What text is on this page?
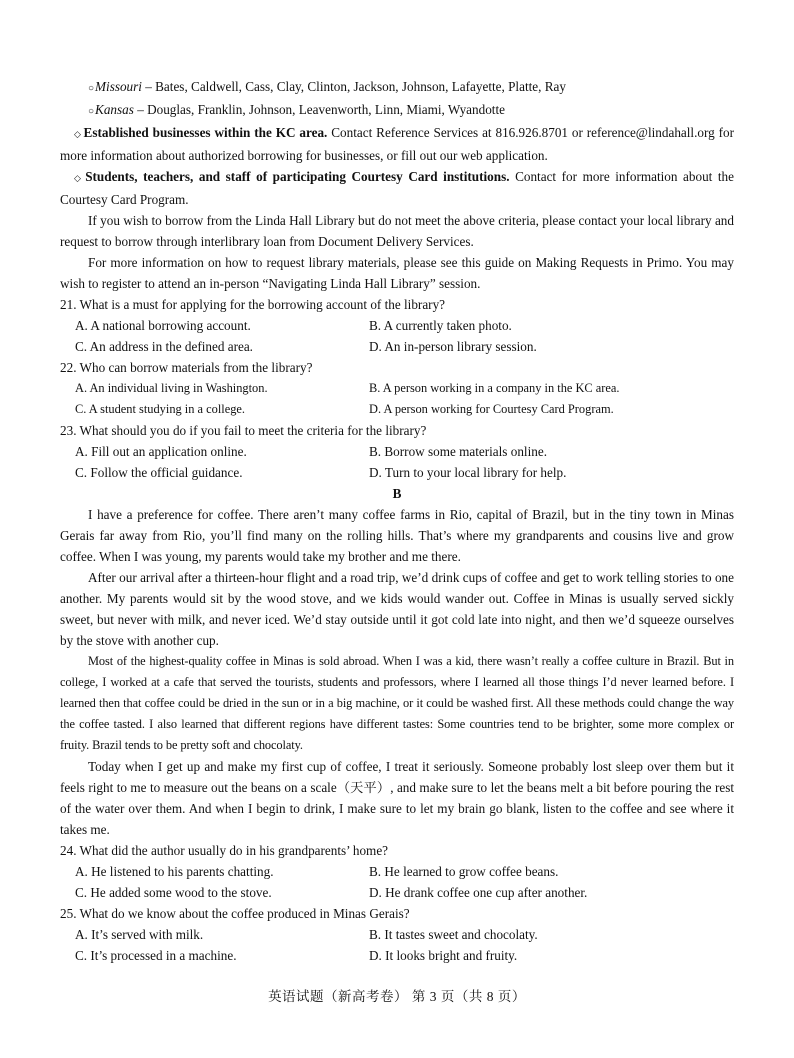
○Missouri – Bates, Caldwell, Cass, Clay, Clinton, Jackson, Johnson, Lafayette, Platte, Ray

○Kansas – Douglas, Franklin, Johnson, Leavenworth, Linn, Miami, Wyandotte

◇ Established businesses within the KC area. Contact Reference Services at 816.926.8701 or reference@lindahall.org for more information about authorized borrowing for businesses, or fill out our web application.

◇ Students, teachers, and staff of participating Courtesy Card institutions. Contact for more information about the Courtesy Card Program.

If you wish to borrow from the Linda Hall Library but do not meet the above criteria, please contact your local library and request to borrow through interlibrary loan from Document Delivery Services.

For more information on how to request library materials, please see this guide on Making Requests in Primo. You may wish to register to attend an in-person “Navigating Linda Hall Library” session.

21. What is a must for applying for the borrowing account of the library?

A. A national borrowing account.	B. A currently taken photo.
C. An address in the defined area.	D. An in-person library session.

22. Who can borrow materials from the library?

A. An individual living in Washington.	B. A person working in a company in the KC area.
C. A student studying in a college.	D. A person working for Courtesy Card Program.

23. What should you do if you fail to meet the criteria for the library?

A. Fill out an application online.	B. Borrow some materials online.
C. Follow the official guidance.	D. Turn to your local library for help.

B

I have a preference for coffee. There aren’t many coffee farms in Rio, capital of Brazil, but in the tiny town in Minas Gerais far away from Rio, you’ll find many on the rolling hills. That’s where my grandparents and cousins live and grow coffee. When I was young, my parents would take my brother and me there.

After our arrival after a thirteen-hour flight and a road trip, we’d drink cups of coffee and get to work telling stories to one another. My parents would sit by the wood stove, and we kids would wander out. Coffee in Minas is usually served sickly sweet, but never with milk, and never iced. We’d stay outside until it got cold late into night, and then we’d squeeze ourselves by the stove with another cup.

Most of the highest-quality coffee in Minas is sold abroad. When I was a kid, there wasn’t really a coffee culture in Brazil. But in college, I worked at a cafe that served the tourists, students and professors, where I learned all those things I’d never learned before. I learned then that coffee could be dried in the sun or in a big machine, or it could be washed first. All these methods could change the way the coffee tasted. I also learned that different regions have different tastes: Some countries tend to be brighter, some more complex or fruity. Brazil tends to be pretty soft and chocolaty.

Today when I get up and make my first cup of coffee, I treat it seriously. Someone probably lost sleep over them but it feels right to me to measure out the beans on a scale（天平）, and make sure to let the beans melt a bit before pouring the rest of the water over them. And when I begin to drink, I make sure to let my brain go blank, listen to the coffee and see where it takes me.

24. What did the author usually do in his grandparents’ home?

A. He listened to his parents chatting.	B. He learned to grow coffee beans.
C. He added some wood to the stove.	D. He drank coffee one cup after another.

25. What do we know about the coffee produced in Minas Gerais?

A. It’s served with milk.	B. It tastes sweet and chocolaty.
C. It’s processed in a machine.	D. It looks bright and fruity.
英语试题（新高考卷） 第 3 页（共 8 页）
